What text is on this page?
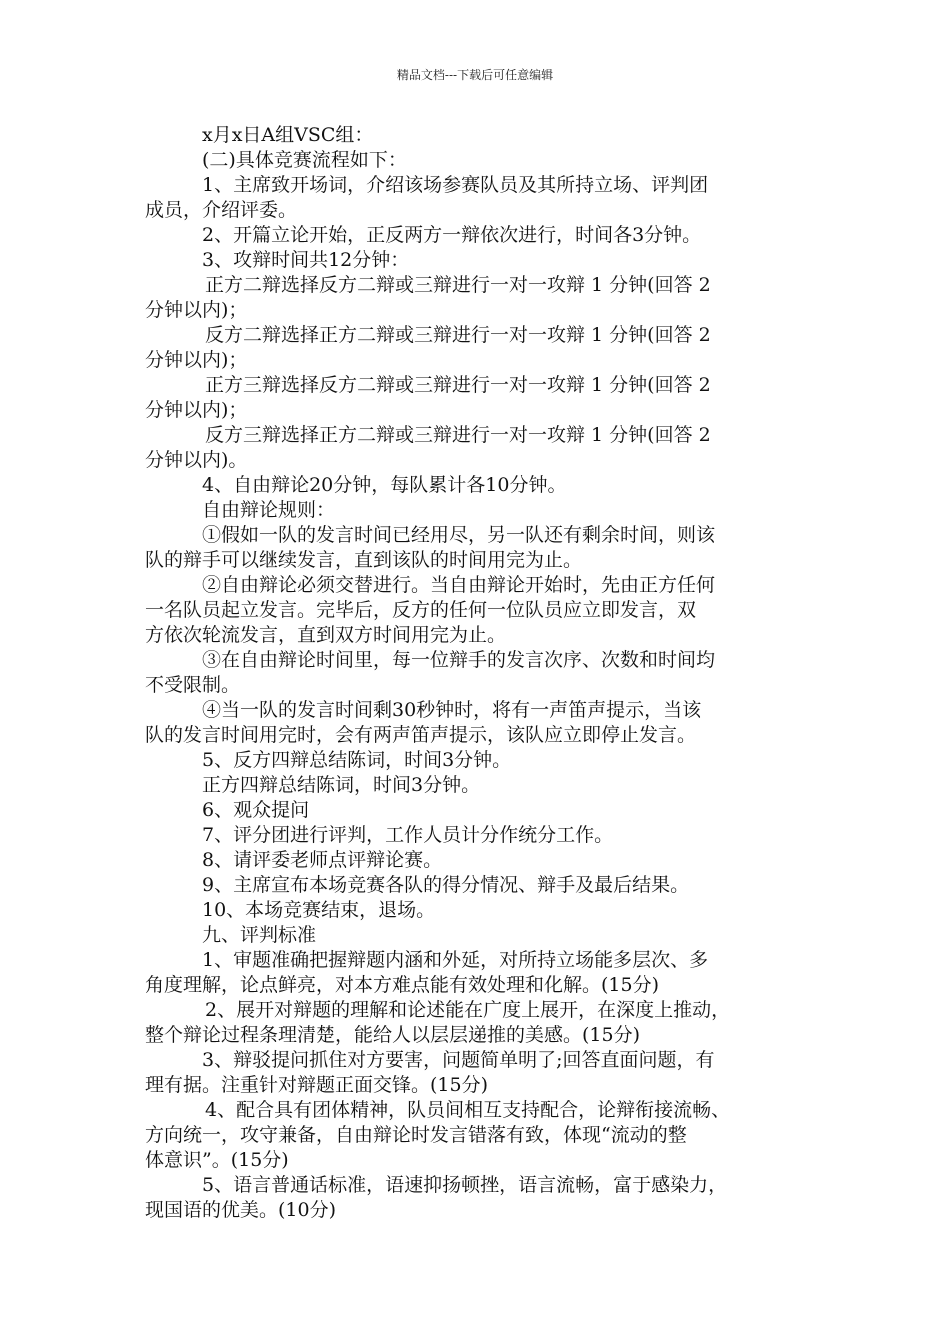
精品文档---下载后可任意编辑
x月x日A组VSC组：
(二)具体竞赛流程如下：
1、主席致开场词，介绍该场参赛队员及其所持立场、评判团
成员，介绍评委。
2、开篇立论开始，正反两方一辩依次进行，时间各3分钟。
3、攻辩时间共12分钟：
正方二辩选择反方二辩或三辩进行一对一攻辩 1 分钟(回答 2
分钟以内)；
反方二辩选择正方二辩或三辩进行一对一攻辩 1 分钟(回答 2
分钟以内)；
正方三辩选择反方二辩或三辩进行一对一攻辩 1 分钟(回答 2
分钟以内)；
反方三辩选择正方二辩或三辩进行一对一攻辩 1 分钟(回答 2
分钟以内)。
4、自由辩论20分钟，每队累计各10分钟。
自由辩论规则：
①假如一队的发言时间已经用尽，另一队还有剩余时间，则该
队的辩手可以继续发言，直到该队的时间用完为止。
②自由辩论必须交替进行。当自由辩论开始时，先由正方任何
一名队员起立发言。完毕后，反方的任何一位队员应立即发言，双
方依次轮流发言，直到双方时间用完为止。
③在自由辩论时间里，每一位辩手的发言次序、次数和时间均
不受限制。
④当一队的发言时间剩30秒钟时，将有一声笛声提示，当该
队的发言时间用完时，会有两声笛声提示，该队应立即停止发言。
5、反方四辩总结陈词，时间3分钟。
正方四辩总结陈词，时间3分钟。
6、观众提问
7、评分团进行评判，工作人员计分作统分工作。
8、请评委老师点评辩论赛。
9、主席宣布本场竞赛各队的得分情况、辩手及最后结果。
10、本场竞赛结束，退场。
九、评判标准
1、审题准确把握辩题内涵和外延，对所持立场能多层次、多
角度理解，论点鲜亮，对本方难点能有效处理和化解。(15分)
2、展开对辩题的理解和论述能在广度上展开，在深度上推动，
整个辩论过程条理清楚，能给人以层层递推的美感。(15分)
3、辩驳提问抓住对方要害，问题简单明了;回答直面问题，有
理有据。注重针对辩题正面交锋。(15分)
4、配合具有团体精神，队员间相互支持配合，论辩衔接流畅、
方向统一，攻守兼备，自由辩论时发言错落有致，体现“流动的整
体意识”。(15分)
5、语言普通话标准，语速抑扬顿挫，语言流畅，富于感染力，
现国语的优美。(10分)
